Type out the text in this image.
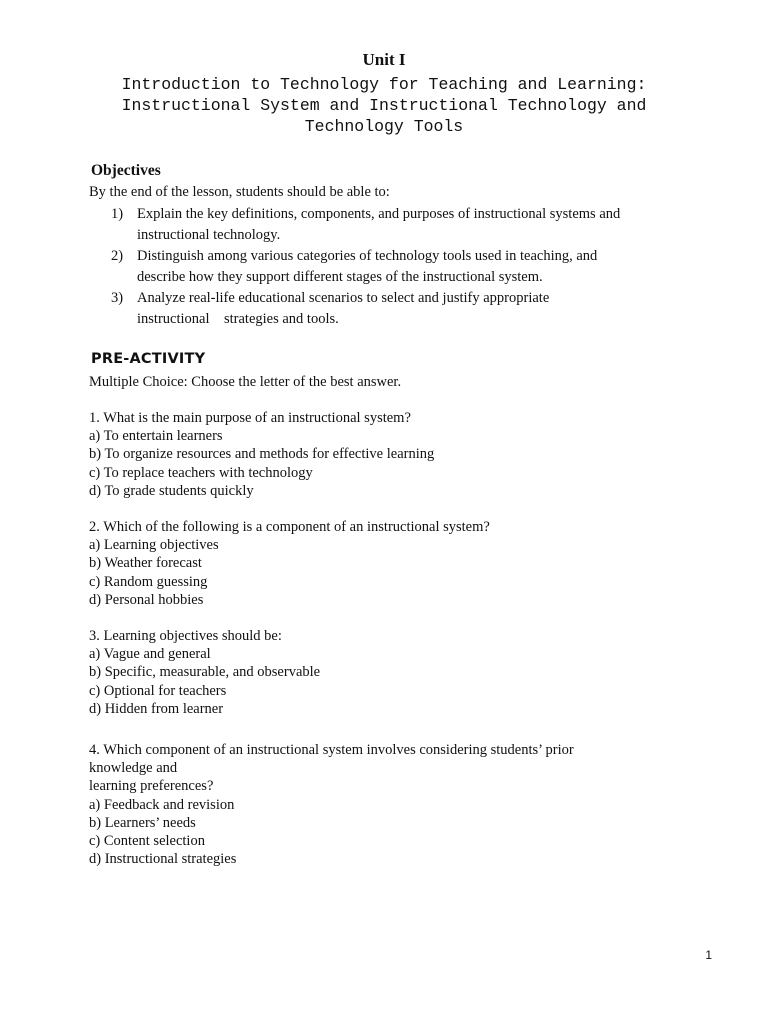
Unit I
Introduction to Technology for Teaching and Learning:
Instructional System and Instructional Technology and
Technology Tools
Objectives
By the end of the lesson, students should be able to:
1) Explain the key definitions, components, and purposes of instructional systems and
instructional technology.
2) Distinguish among various categories of technology tools used in teaching, and
describe how they support different stages of the instructional system.
3) Analyze real-life educational scenarios to select and justify appropriate
instructional    strategies and tools.
PRE-ACTIVITY
Multiple Choice: Choose the letter of the best answer.
1. What is the main purpose of an instructional system?
a) To entertain learners
b) To organize resources and methods for effective learning
c) To replace teachers with technology
d) To grade students quickly
2. Which of the following is a component of an instructional system?
a) Learning objectives
b) Weather forecast
c) Random guessing
d) Personal hobbies
3. Learning objectives should be:
a) Vague and general
b) Specific, measurable, and observable
c) Optional for teachers
d) Hidden from learner
4. Which component of an instructional system involves considering students’ prior
knowledge and
learning preferences?
a) Feedback and revision
b) Learners’ needs
c) Content selection
d) Instructional strategies
1
